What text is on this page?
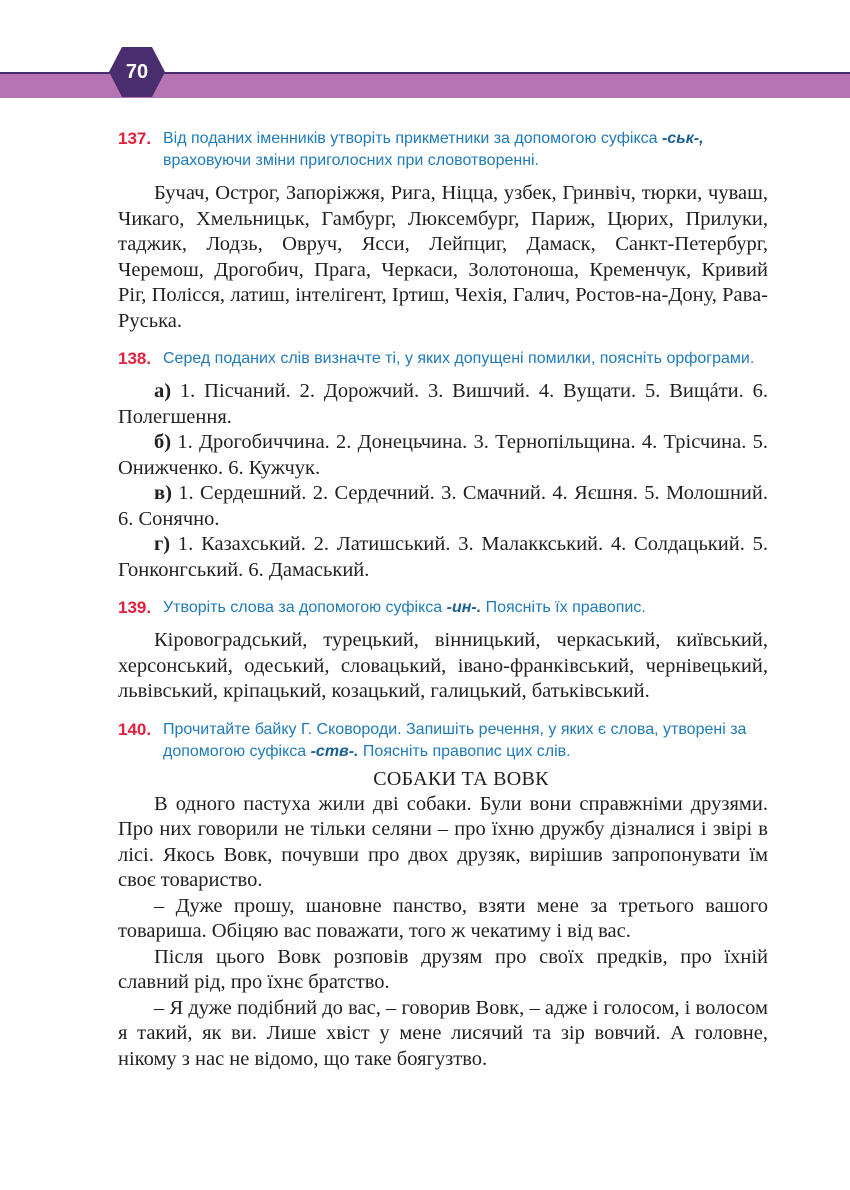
70
137. Від поданих іменників утворіть прикметники за допомогою суфікса -ськ-, враховуючи зміни приголосних при словотворенні.

Бучач, Острог, Запоріжжя, Рига, Ніцца, узбек, Гринвіч, тюрки, чуваш, Чикаго, Хмельницьк, Гамбург, Люксембург, Париж, Цюрих, Прилуки, таджик, Лодзь, Овруч, Ясси, Лейпциг, Дамаск, Санкт-Петербург, Черемош, Дрогобич, Прага, Черкаси, Золотоноша, Кременчук, Кривий Ріг, Полісся, латиш, інтелігент, Іртиш, Чехія, Галич, Ростов-на-Дону, Рава-Руська.

138. Серед поданих слів визначте ті, у яких допущені помилки, поясніть орфограми.

а) 1. Пісчаний. 2. Дорожчий. 3. Вишчий. 4. Вущати. 5. Вищáти. 6. Полегшення.

б) 1. Дрогобиччина. 2. Донецьчина. 3. Тернопільщина. 4. Трісчина. 5. Онижченко. 6. Кужчук.

в) 1. Сердешний. 2. Сердечний. 3. Смачний. 4. Яєшня. 5. Молошний. 6. Сонячно.

г) 1. Казахський. 2. Латишський. 3. Малаккський. 4. Солдацький. 5. Гонконгський. 6. Дамаський.

139. Утворіть слова за допомогою суфікса -ин-. Поясніть їх правопис.

Кіровоградський, турецький, вінницький, черкаський, київський, херсонський, одеський, словацький, івано-франківський, чернівецький, львівський, кріпацький, козацький, галицький, батьківський.

140. Прочитайте байку Г. Сковороди. Запишіть речення, у яких є слова, утворені за допомогою суфікса -ств-. Поясніть правопис цих слів.

СОБАКИ ТА ВОВК

В одного пастуха жили дві собаки. Були вони справжніми друзями. Про них говорили не тільки селяни – про їхню дружбу дізналися і звірі в лісі. Якось Вовк, почувши про двох друзяк, вирішив запропонувати їм своє товариство.

– Дуже прошу, шановне панство, взяти мене за третього вашого товариша. Обіцяю вас поважати, того ж чекатиму і від вас.

Після цього Вовк розповів друзям про своїх предків, про їхній славний рід, про їхнє братство.

– Я дуже подібний до вас, – говорив Вовк, – адже і голосом, і волосом я такий, як ви. Лише хвіст у мене лисячий та зір вовчий. А головне, нікому з нас не відомо, що таке боягузтво.
